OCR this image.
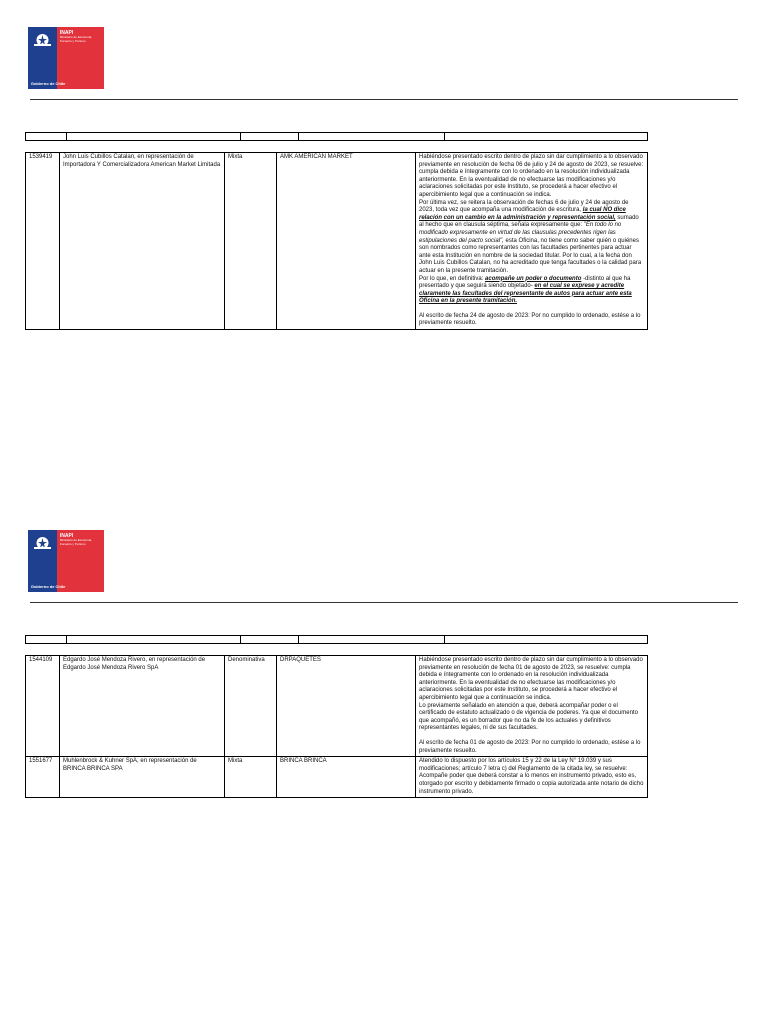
INAPI
Ministerio de Economía, Fomento y Turismo
Gobierno de Chile
1539419	John Luis Cubillos Catalan, en representación de Importadora Y Comercializadora American Market Limitada	Mixta	AMK AMERICAN MARKET	Habiéndose presentado escrito dentro de plazo sin dar cumplimiento a lo observado previamente en resolución de fecha 06 de julio y 24 de agosto de 2023, se resuelve: cumpla debida e íntegramente con lo ordenado en la resolución individualizada anteriormente. En la eventualidad de no efectuarse las modificaciones y/o aclaraciones solicitadas por este Instituto, se procederá a hacer efectivo el apercibimiento legal que a continuación se indica.

Por última vez, se reitera la observación de fechas 6 de julio y 24 de agosto de 2023, toda vez que acompaña una modificación de escritura, la cual NO dice relación con un cambio en la administración y representación social, sumado al hecho que en clausula séptima, señala expresamente que: "En todo lo no modificado expresamente en virtud de las clausulas precedentes rigen las estipulaciones del pacto social", esta Oficina, no tiene como saber quién o quiénes son nombrados como representantes con las facultades pertinentes para actuar ante esta Institución en nombre de la sociedad titular. Por lo cual, a la fecha don John Luis Cubillos Catalan, no ha acreditado que tenga facultades o la calidad para actuar en la presente tramitación.

Por lo que, en definitiva: acompañe un poder o documento -distinto al que ha presentado y que seguirá siendo objetado- en el cual se exprese y acredite claramente las facultades del representante de autos para actuar ante esta Oficina en la presente tramitación.

Al escrito de fecha 24 de agosto de 2023: Por no cumplido lo ordenado, estése a lo previamente resuelto.

INAPI
Ministerio de Economía, Fomento y Turismo
Gobierno de Chile
1544109	Edgardo José Mendoza Rivero, en representación de Edgardo José Mendoza Rivero SpA	Denominativa	DRPAQUETES	Habiéndose presentado escrito dentro de plazo sin dar cumplimiento a lo observado previamente en resolución de fecha 01 de agosto de 2023, se resuelve: cumpla debida e íntegramente con lo ordenado en la resolución individualizada anteriormente. En la eventualidad de no efectuarse las modificaciones y/o aclaraciones solicitadas por este Instituto, se procederá a hacer efectivo el apercibimiento legal que a continuación se indica.

Lo previamente señalado en atención a que, deberá acompañar poder o el certificado de estatuto actualizado o de vigencia de poderes. Ya que el documento que acompañó, es un borrador que no da fe de los actuales y definitivos representantes legales, ni de sus facultades.

Al escrito de fecha 01 de agosto de 2023: Por no cumplido lo ordenado, estése a lo previamente resuelto.

1551677	Muhlenbrock & Kuhner SpA, en representación de BRINCA BRINCA SPA	Mixta	BRINCA BRINCA	Atendido lo dispuesto por los artículos 15 y 22 de la Ley N° 19.039 y sus modificaciones; artículo 7 letra c) del Reglamento de la citada ley, se resuelve: Acompañe poder que deberá constar a lo menos en instrumento privado, esto es, otorgado por escrito y debidamente firmado o copia autorizada ante notario de dicho instrumento privado.
